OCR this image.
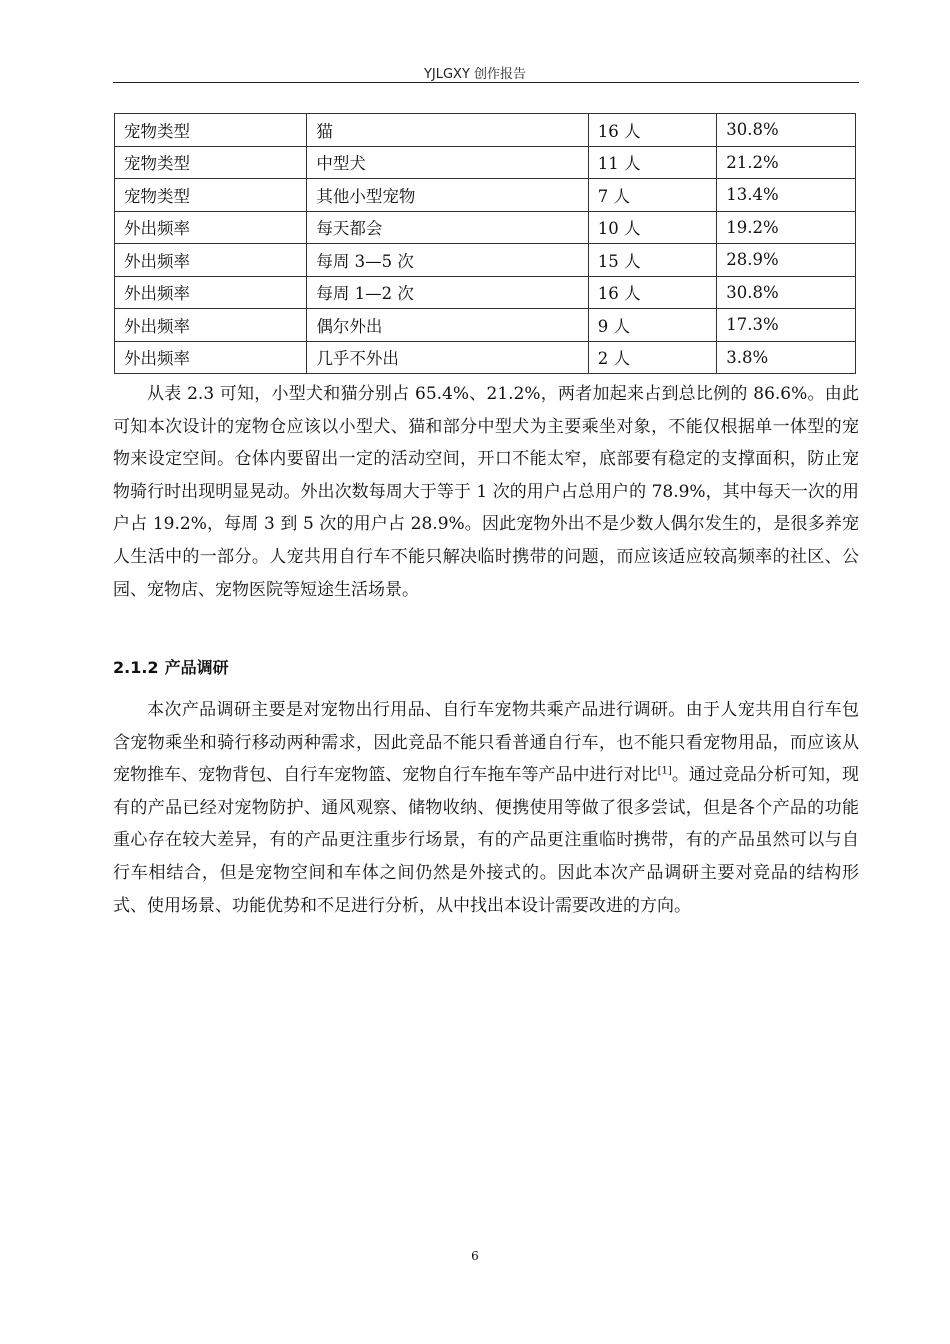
YJLGXY 创作报告
宠物类型	猫	16 人	30.8%
宠物类型	中型犬	11 人	21.2%
宠物类型	其他小型宠物	7 人	13.4%
外出频率	每天都会	10 人	19.2%
外出频率	每周 3—5 次	15 人	28.9%
外出频率	每周 1—2 次	16 人	30.8%
外出频率	偶尔外出	9 人	17.3%
外出频率	几乎不外出	2 人	3.8%

从表 2.3 可知，小型犬和猫分别占 65.4%、21.2%，两者加起来占到总比例的 86.6%。由此可知本次设计的宠物仓应该以小型犬、猫和部分中型犬为主要乘坐对象，不能仅根据单一体型的宠物来设定空间。仓体内要留出一定的活动空间，开口不能太窄，底部要有稳定的支撑面积，防止宠物骑行时出现明显晃动。外出次数每周大于等于 1 次的用户占总用户的 78.9%，其中每天一次的用户占 19.2%，每周 3 到 5 次的用户占 28.9%。因此宠物外出不是少数人偶尔发生的，是很多养宠人生活中的一部分。人宠共用自行车不能只解决临时携带的问题，而应该适应较高频率的社区、公园、宠物店、宠物医院等短途生活场景。

2.1.2 产品调研

本次产品调研主要是对宠物出行用品、自行车宠物共乘产品进行调研。由于人宠共用自行车包含宠物乘坐和骑行移动两种需求，因此竞品不能只看普通自行车，也不能只看宠物用品，而应该从宠物推车、宠物背包、自行车宠物篮、宠物自行车拖车等产品中进行对比[1]。通过竞品分析可知，现有的产品已经对宠物防护、通风观察、储物收纳、便携使用等做了很多尝试，但是各个产品的功能重心存在较大差异，有的产品更注重步行场景，有的产品更注重临时携带，有的产品虽然可以与自行车相结合，但是宠物空间和车体之间仍然是外接式的。因此本次产品调研主要对竞品的结构形式、使用场景、功能优势和不足进行分析，从中找出本设计需要改进的方向。

6
